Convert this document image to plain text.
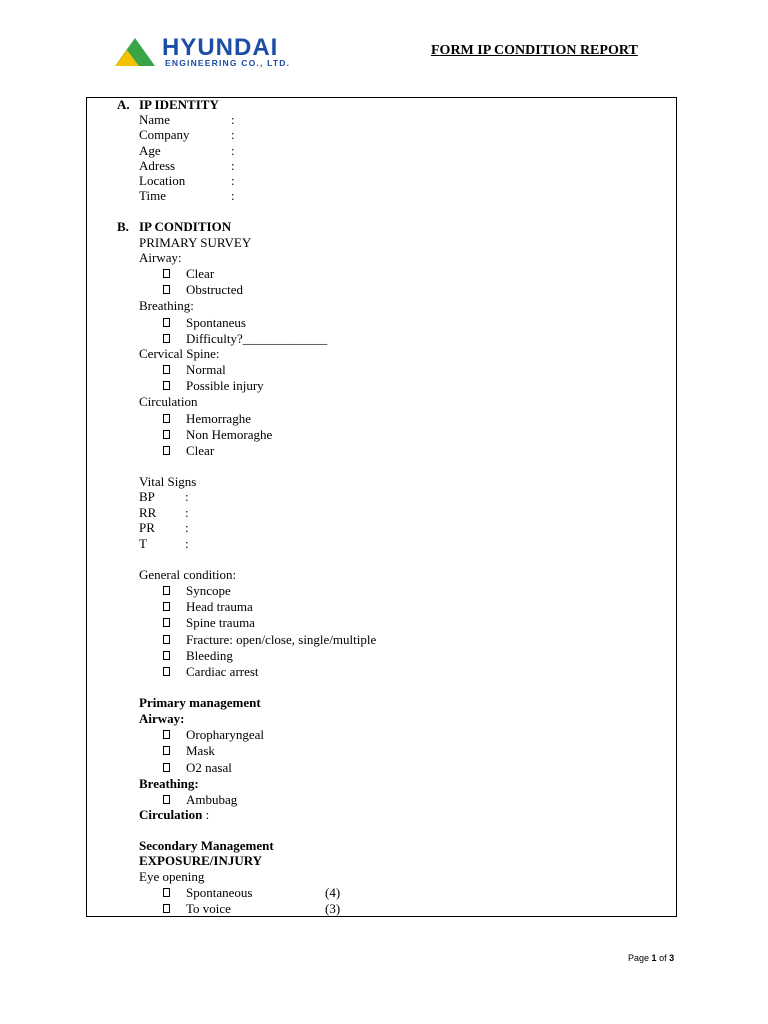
HYUNDAI
ENGINEERING CO., LTD.
FORM IP CONDITION REPORT
A. IP IDENTITY
Name	:
Company	:
Age	:
Adress	:
Location	:
Time	:
B. IP CONDITION
PRIMARY SURVEY
Airway:
Clear
Obstructed
Breathing:
Spontaneus
Difficulty?_____________
Cervical Spine:
Normal
Possible injury
Circulation
Hemorraghe
Non Hemoraghe
Clear
Vital Signs
BP :
RR :
PR :
T	:
General condition:
Syncope
Head trauma
Spine trauma
Fracture: open/close, single/multiple
Bleeding
Cardiac arrest
Primary management
Airway:
Oropharyngeal
Mask
O2 nasal
Breathing:
Ambubag
Circulation :
Secondary Management
EXPOSURE/INJURY
Eye opening
Spontaneous	(4)
To voice	(3)
Page 1 of 3
